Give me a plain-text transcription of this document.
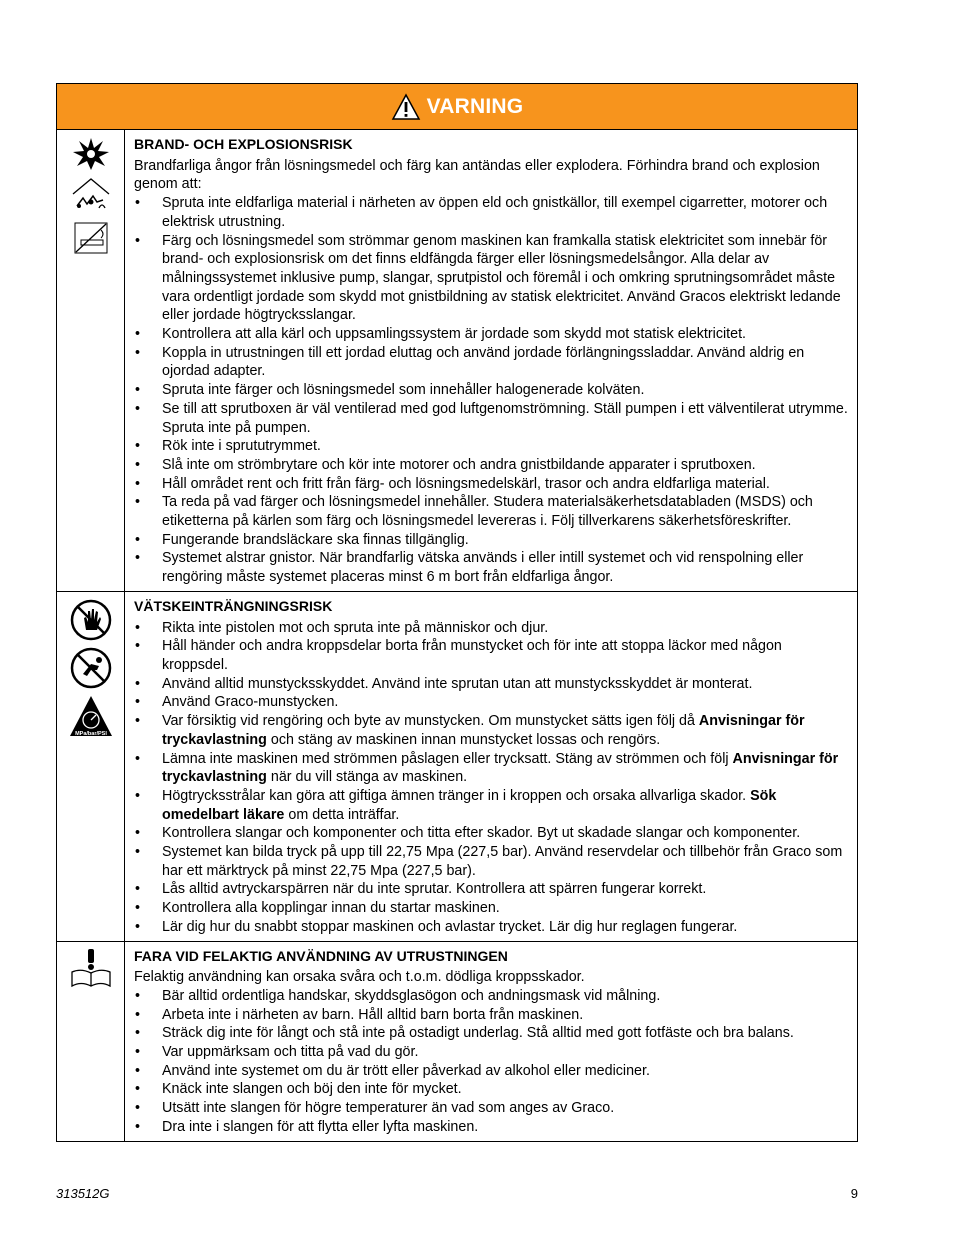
VARNING
BRAND- OCH EXPLOSIONSRISK
Brandfarliga ångor från lösningsmedel och färg kan antändas eller explodera. Förhindra brand och explosion genom att:
• Spruta inte eldfarliga material i närheten av öppen eld och gnistkällor, till exempel cigarretter, motorer och elektrisk utrustning.
• Färg och lösningsmedel som strömmar genom maskinen kan framkalla statisk elektricitet som innebär för brand- och explosionsrisk om det finns eldfängda färger eller lösningsmedelsångor. Alla delar av målningssystemet inklusive pump, slangar, sprutpistol och föremål i och omkring sprutningsområdet måste vara ordentligt jordade som skydd mot gnistbildning av statisk elektricitet. Använd Gracos elektriskt ledande eller jordade högtrycksslangar.
• Kontrollera att alla kärl och uppsamlingssystem är jordade som skydd mot statisk elektricitet.
• Koppla in utrustningen till ett jordad eluttag och använd jordade förlängningssladdar. Använd aldrig en ojordad adapter.
• Spruta inte färger och lösningsmedel som innehåller halogenerade kolväten.
• Se till att sprutboxen är väl ventilerad med god luftgenomströmning. Ställ pumpen i ett välventilerat utrymme. Spruta inte på pumpen.
• Rök inte i sprututrymmet.
• Slå inte om strömbrytare och kör inte motorer och andra gnistbildande apparater i sprutboxen.
• Håll området rent och fritt från färg- och lösningsmedelskärl, trasor och andra eldfarliga material.
• Ta reda på vad färger och lösningsmedel innehåller. Studera materialsäkerhetsdatabladen (MSDS) och etiketterna på kärlen som färg och lösningsmedel levereras i. Följ tillverkarens säkerhetsföreskrifter.
• Fungerande brandsläckare ska finnas tillgänglig.
• Systemet alstrar gnistor. När brandfarlig vätska används i eller intill systemet och vid renspolning eller rengöring måste systemet placeras minst 6 m bort från eldfarliga ångor.
MPa/bar/PSI
VÄTSKEINTRÄNGNINGSRISK
• Rikta inte pistolen mot och spruta inte på människor och djur.
• Håll händer och andra kroppsdelar borta från munstycket och för inte att stoppa läckor med någon kroppsdel.
• Använd alltid munstycksskyddet. Använd inte sprutan utan att munstycksskyddet är monterat.
• Använd Graco-munstycken.
• Var försiktig vid rengöring och byte av munstycken. Om munstycket sätts igen följ då Anvisningar för tryckavlastning och stäng av maskinen innan munstycket lossas och rengörs.
• Lämna inte maskinen med strömmen påslagen eller trycksatt. Stäng av strömmen och följ Anvisningar för tryckavlastning när du vill stänga av maskinen.
• Högtrycksstrålar kan göra att giftiga ämnen tränger in i kroppen och orsaka allvarliga skador. Sök omedelbart läkare om detta inträffar.
• Kontrollera slangar och komponenter och titta efter skador. Byt ut skadade slangar och komponenter.
• Systemet kan bilda tryck på upp till 22,75 Mpa (227,5 bar). Använd reservdelar och tillbehör från Graco som har ett märktryck på minst 22,75 Mpa (227,5 bar).
• Lås alltid avtryckarspärren när du inte sprutar. Kontrollera att spärren fungerar korrekt.
• Kontrollera alla kopplingar innan du startar maskinen.
• Lär dig hur du snabbt stoppar maskinen och avlastar trycket. Lär dig hur reglagen fungerar.
FARA VID FELAKTIG ANVÄNDNING AV UTRUSTNINGEN
Felaktig användning kan orsaka svåra och t.o.m. dödliga kroppsskador.
• Bär alltid ordentliga handskar, skyddsglasögon och andningsmask vid målning.
• Arbeta inte i närheten av barn. Håll alltid barn borta från maskinen.
• Sträck dig inte för långt och stå inte på ostadigt underlag. Stå alltid med gott fotfäste och bra balans.
• Var uppmärksam och titta på vad du gör.
• Använd inte systemet om du är trött eller påverkad av alkohol eller mediciner.
• Knäck inte slangen och böj den inte för mycket.
• Utsätt inte slangen för högre temperaturer än vad som anges av Graco.
• Dra inte i slangen för att flytta eller lyfta maskinen.
313512G	9
